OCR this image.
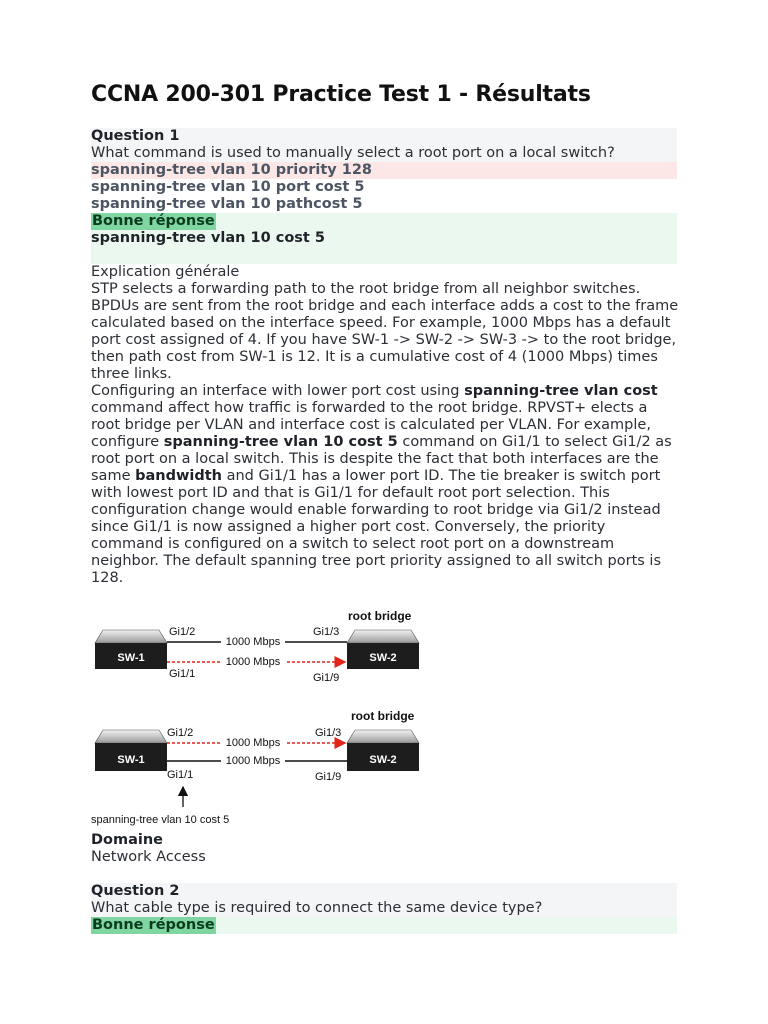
CCNA 200-301 Practice Test 1 - Résultats
Question 1
What command is used to manually select a root port on a local switch?
spanning-tree vlan 10 priority 128
spanning-tree vlan 10 port cost 5
spanning-tree vlan 10 pathcost 5
Bonne réponse
spanning-tree vlan 10 cost 5

Explication générale

STP selects a forwarding path to the root bridge from all neighbor switches. BPDUs are sent from the root bridge and each interface adds a cost to the frame calculated based on the interface speed. For example, 1000 Mbps has a default port cost assigned of 4. If you have SW-1 -> SW-2 -> SW-3 -> to the root bridge, then path cost from SW-1 is 12. It is a cumulative cost of 4 (1000 Mbps) times three links.

Configuring an interface with lower port cost using spanning-tree vlan cost command affect how traffic is forwarded to the root bridge. RPVST+ elects a root bridge per VLAN and interface cost is calculated per VLAN. For example, configure spanning-tree vlan 10 cost 5 command on Gi1/1 to select Gi1/2 as root port on a local switch. This is despite the fact that both interfaces are the same bandwidth and Gi1/1 has a lower port ID. The tie breaker is switch port with lowest port ID and that is Gi1/1 for default root port selection. This configuration change would enable forwarding to root bridge via Gi1/2 instead since Gi1/1 is now assigned a higher port cost. Conversely, the priority command is configured on a switch to select root port on a downstream neighbor. The default spanning tree port priority assigned to all switch ports is 128.

root bridge
SW-1	SW-2
1000 Mbps
1000 Mbps
Gi1/2	Gi1/3
Gi1/1	Gi1/9
root bridge
SW-1	SW-2
1000 Mbps
1000 Mbps
Gi1/2	Gi1/3
Gi1/1	Gi1/9
spanning-tree vlan 10 cost 5
Domaine
Network Access
Question 2
What cable type is required to connect the same device type?
Bonne réponse
